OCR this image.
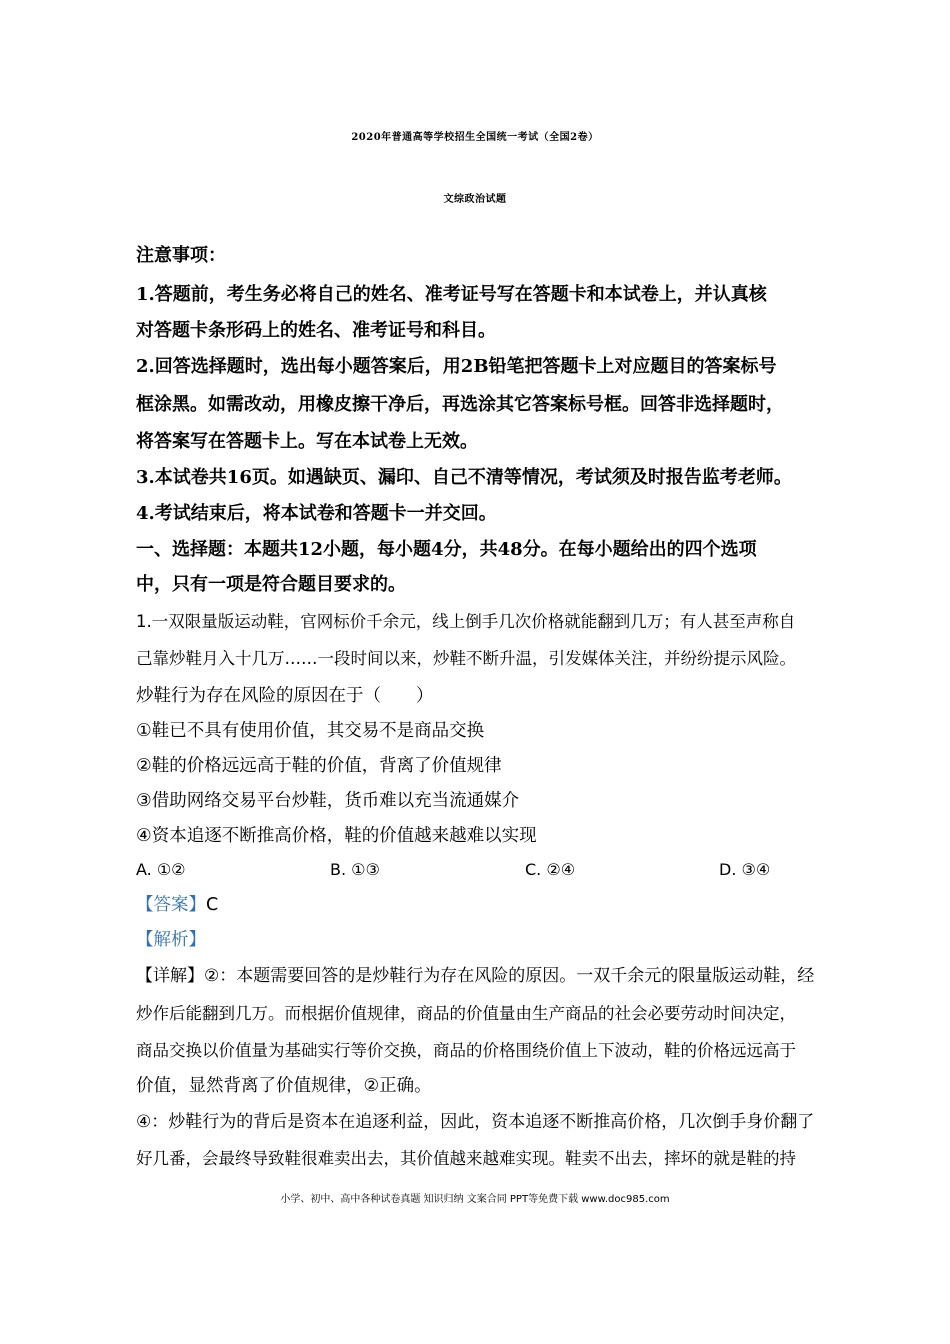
2020年普通高等学校招生全国统一考试（全国2卷）
文综政治试题
注意事项：
1.答题前，考生务必将自己的姓名、准考证号写在答题卡和本试卷上，并认真核
对答题卡条形码上的姓名、准考证号和科目。
2.回答选择题时，选出每小题答案后，用2B铅笔把答题卡上对应题目的答案标号
框涂黑。如需改动，用橡皮擦干净后，再选涂其它答案标号框。回答非选择题时，
将答案写在答题卡上。写在本试卷上无效。
3.本试卷共16页。如遇缺页、漏印、自己不清等情况，考试须及时报告监考老师。
4.考试结束后，将本试卷和答题卡一并交回。
一、选择题：本题共12小题，每小题4分，共48分。在每小题给出的四个选项
中，只有一项是符合题目要求的。
1.一双限量版运动鞋，官网标价千余元，线上倒手几次价格就能翻到几万；有人甚至声称自
己靠炒鞋月入十几万……一段时间以来，炒鞋不断升温，引发媒体关注，并纷纷提示风险。
炒鞋行为存在风险的原因在于（　　）
①鞋已不具有使用价值，其交易不是商品交换
②鞋的价格远远高于鞋的价值，背离了价值规律
③借助网络交易平台炒鞋，货币难以充当流通媒介
④资本追逐不断推高价格，鞋的价值越来越难以实现
A. ①②	B. ①③	C. ②④	D. ③④
【答案】C
【解析】
【详解】②：本题需要回答的是炒鞋行为存在风险的原因。一双千余元的限量版运动鞋，经
炒作后能翻到几万。而根据价值规律，商品的价值量由生产商品的社会必要劳动时间决定，
商品交换以价值量为基础实行等价交换，商品的价格围绕价值上下波动，鞋的价格远远高于
价值，显然背离了价值规律，②正确。
④：炒鞋行为的背后是资本在追逐利益，因此，资本追逐不断推高价格，几次倒手身价翻了
好几番，会最终导致鞋很难卖出去，其价值越来越难实现。鞋卖不出去，摔坏的就是鞋的持
小学、初中、高中各种试卷真题 知识归纳 文案合同 PPT等免费下载 www.doc985.com
